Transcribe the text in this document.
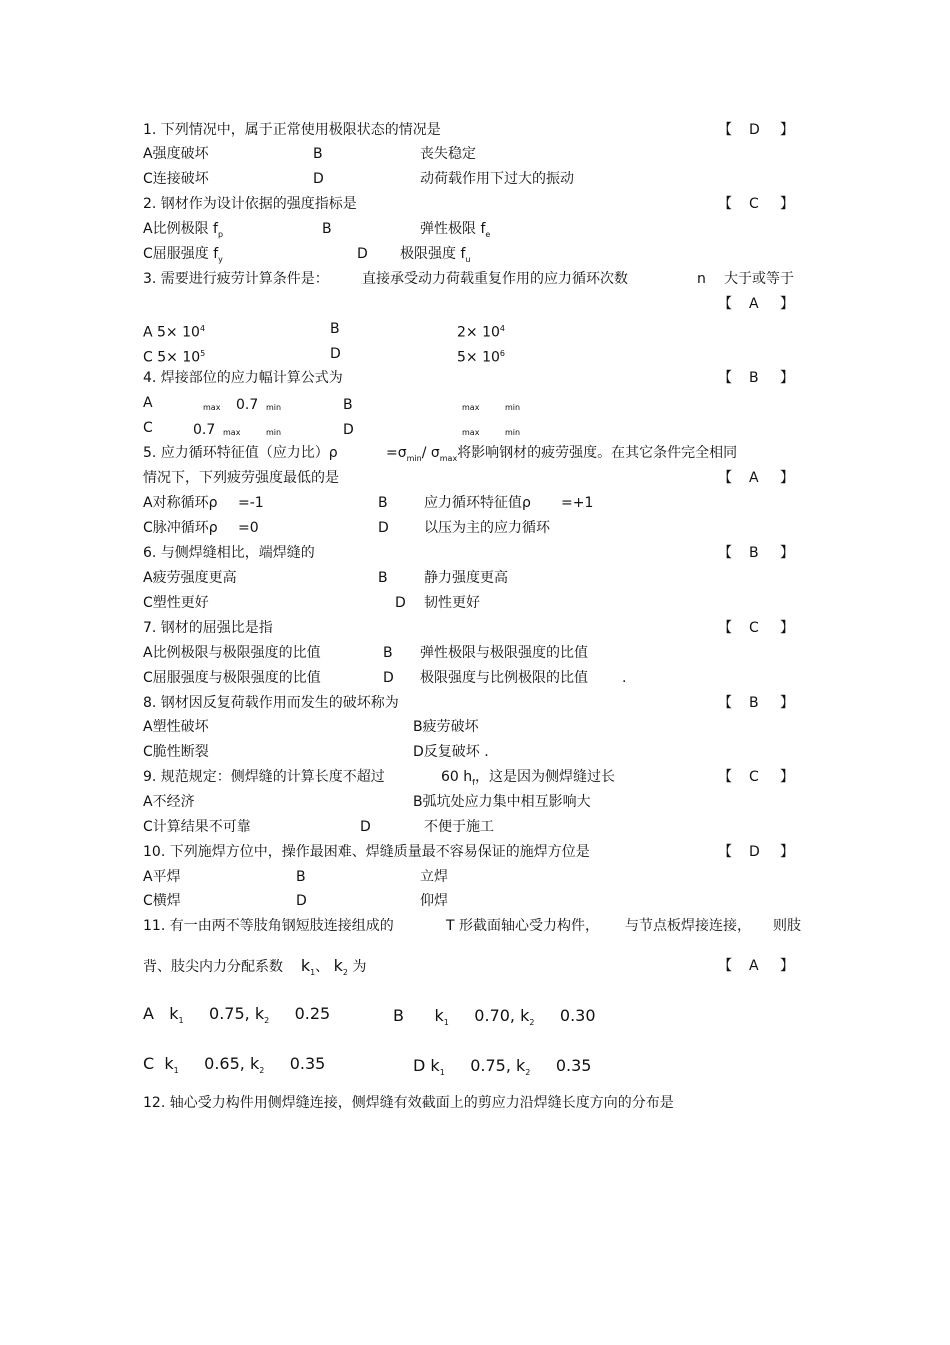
1. 下列情况中，属于正常使用极限状态的情况是	【 D 】
A强度破坏	B	丧失稳定
C连接破坏	D	动荷载作用下过大的振动
2. 钢材作为设计依据的强度指标是	【 C 】
A比例极限 $f_p$	B	弹性极限 $f_e$
C屈服强度 $f_y$	D 极限强度 $f_u$
3. 需要进行疲劳计算条件是： 直接承受动力荷载重复作用的应力循环次数	n 大于或等于
【 A 】
A $5\times 10^4$	B	$2\times 10^4$
C $5\times 10^5$	D	$5\times 10^6$
4. 焊接部位的应力幅计算公式为	【 B 】
A	max 0.7 min	B	max	min
C	0.7 max	min	D	max	min
5. 应力循环特征值（应力比）ρ	$=\sigma_{min}/$ $\sigma_{max}$将影响钢材的疲劳强度。在其它条件完全相同
情况下，下列疲劳强度最低的是	【 A 】
A对称循环ρ =-1	B	应力循环特征值ρ =+1
C脉冲循环ρ =0	D	以压为主的应力循环
6. 与侧焊缝相比，端焊缝的	【 B 】
A疲劳强度更高	B	静力强度更高
C塑性更好	D 韧性更好
7. 钢材的屈强比是指	【 C 】
A比例极限与极限强度的比值	B 弹性极限与极限强度的比值
C屈服强度与极限强度的比值	D 极限强度与比例极限的比值 .
8. 钢材因反复荷载作用而发生的破坏称为	【 B 】
A塑性破坏	B疲劳破坏
C脆性断裂	D反复破坏 .
9. 规范规定：侧焊缝的计算长度不超过	60 $h_f$，这是因为侧焊缝过长	【 C 】
A不经济	B弧坑处应力集中相互影响大
C计算结果不可靠	D	不便于施工
10. 下列施焊方位中，操作最困难、焊缝质量最不容易保证的施焊方位是	【 D 】
A平焊	B	立焊
C横焊	D	仰焊
11. 有一由两不等肢角钢短肢连接组成的	T 形截面轴心受力构件， 与节点板焊接连接， 则肢
背、肢尖内力分配系数 $k_1$、 $k_2$ 为	【 A 】
A $k_1$ 0.75, $k_2$ 0.25	B $k_1$ 0.70, $k_2$ 0.30
C $k_1$ 0.65, $k_2$ 0.35	D $k_1$ 0.75, $k_2$ 0.35
12. 轴心受力构件用侧焊缝连接，侧焊缝有效截面上的剪应力沿焊缝长度方向的分布是
